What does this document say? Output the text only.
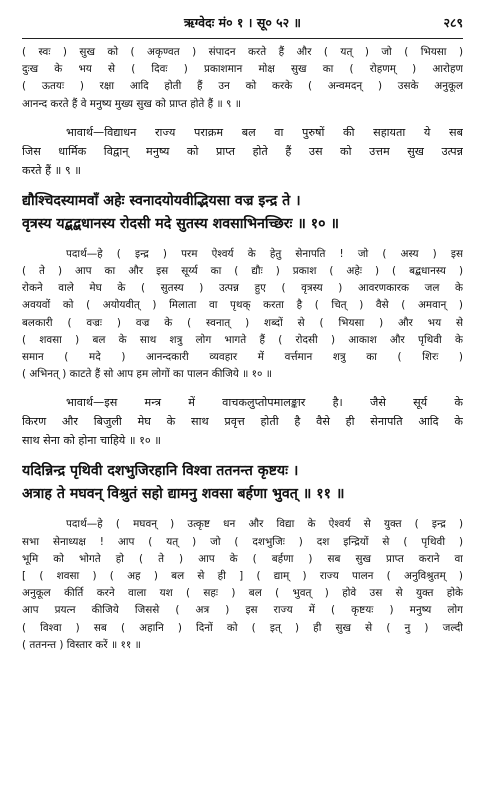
ऋग्वेदः मं० १ । सू० ५२ ॥	२८९
( स्वः ) सुख को ( अकृण्वत ) संपादन करते हैं और ( यत् ) जो ( भियसा )
दुःख के भय से ( दिवः ) प्रकाशमान मोक्ष सुख का ( रोहणम् ) आरोहण
( ऊतयः ) रक्षा आदि होती हैं उन को करके ( अन्वमदन् ) उसके अनुकूल
आनन्द करते हैं वे मनुष्य मुख्य सुख को प्राप्त होते हैं ॥ ९ ॥
भावार्थ—विद्याधन राज्य पराक्रम बल वा पुरुषों की सहायता ये सब
जिस धार्मिक विद्वान् मनुष्य को प्राप्त होते हैं उस को उत्तम सुख उत्पन्न
करते हैं ॥ ९ ॥
द्यौश्चिदस्यामवाँ अहेः स्वनादयोयवीद्भियसा वज्र इन्द्र ते ।
वृत्रस्य यद्बद्बधानस्य रोदसी मदे सुतस्य शवसाभिनच्छिरः ॥ १० ॥
पदार्थ—हे ( इन्द्र ) परम ऐश्वर्य के हेतु सेनापति ! जो ( अस्य ) इस
( ते ) आप का और इस सूर्य्य का ( द्यौः ) प्रकाश ( अहेः ) ( बद्बधानस्य )
रोकने वाले मेघ के ( सुतस्य ) उत्पन्न हुए ( वृत्रस्य ) आवरणकारक जल के
अवयवों को ( अयोयवीत् ) मिलाता वा पृथक् करता है ( चित् ) वैसे ( अमवान् )
बलकारी ( वज्रः ) वज्र के ( स्वनात् ) शब्दों से ( भियसा ) और भय से
( शवसा ) बल के साथ शत्रु लोग भागते हैं ( रोदसी ) आकाश और पृथिवी के
समान ( मदे ) आनन्दकारी व्यवहार में वर्त्तमान शत्रु का ( शिरः )
( अभिनत् ) काटते हैं सो आप हम लोगों का पालन कीजिये ॥ १० ॥
भावार्थ—इस मन्त्र में वाचकलुप्तोपमालङ्कार है। जैसे सूर्य के
किरण और बिजुली मेघ के साथ प्रवृत्त होती है वैसे ही सेनापति आदि के
साथ सेना को होना चाहिये ॥ १० ॥
यदिन्निन्द्र पृथिवी दशभुजिरहानि विश्वा ततनन्त कृष्टयः ।
अत्राह ते मघवन् विश्रुतं सहो द्यामनु शवसा बर्हणा भुवत् ॥ ११ ॥
पदार्थ—हे ( मघवन् ) उत्कृष्ट धन और विद्या के ऐश्वर्य से युक्त ( इन्द्र )
सभा सेनाध्यक्ष ! आप ( यत् ) जो ( दशभुजिः ) दश इन्द्रियों से ( पृथिवी )
भूमि को भोगते हो ( ते ) आप के ( बर्हणा ) सब सुख प्राप्त कराने वा
[ ( शवसा ) ( अह ) बल से ही ] ( द्याम् ) राज्य पालन ( अनुविश्रुतम् )
अनुकूल कीर्ति करने वाला यश ( सहः ) बल ( भुवत् ) होवे उस से युक्त होके
आप प्रयत्न कीजिये जिससे ( अत्र ) इस राज्य में ( कृष्टयः ) मनुष्य लोग
( विश्वा ) सब ( अहानि ) दिनों को ( इत् ) ही सुख से ( नु ) जल्दी
( ततनन्त ) विस्तार करें ॥ ११ ॥
